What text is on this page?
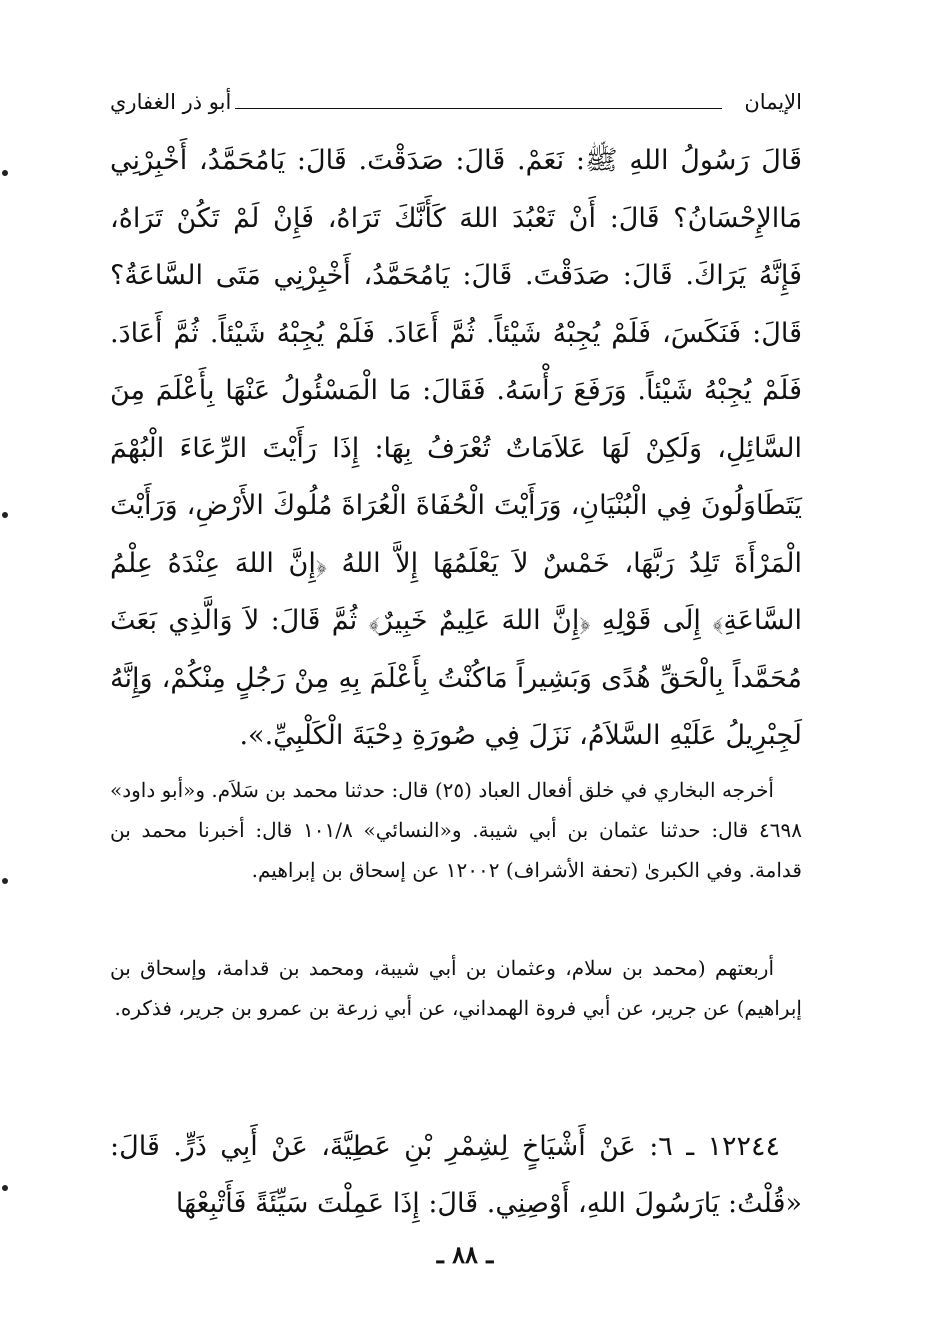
الإيمان
أبو ذر الغفاري

قَالَ رَسُولُ اللهِ ﷺ: نَعَمْ. قَالَ: صَدَقْتَ. قَالَ: يَامُحَمَّدُ، أَخْبِرْنِي مَاالإِحْسَانُ؟ قَالَ: أَنْ تَعْبُدَ اللهَ كَأَنَّكَ تَرَاهُ، فَإِنْ لَمْ تَكُنْ تَرَاهُ، فَإِنَّهُ يَرَاكَ. قَالَ: صَدَقْتَ. قَالَ: يَامُحَمَّدُ، أَخْبِرْنِي مَتَى السَّاعَةُ؟ قَالَ: فَنَكَسَ، فَلَمْ يُجِبْهُ شَيْئاً. ثُمَّ أَعَادَ. فَلَمْ يُجِبْهُ شَيْئاً. ثُمَّ أَعَادَ. فَلَمْ يُجِبْهُ شَيْئاً. وَرَفَعَ رَأْسَهُ. فَقَالَ: مَا الْمَسْئُولُ عَنْهَا بِأَعْلَمَ مِنَ السَّائِلِ، وَلَكِنْ لَهَا عَلاَمَاتٌ تُعْرَفُ بِهَا: إِذَا رَأَيْتَ الرِّعَاءَ الْبُهْمَ يَتَطَاوَلُونَ فِي الْبُنْيَانِ، وَرَأَيْتَ الْحُفَاةَ الْعُرَاةَ مُلُوكَ الأَرْضِ، وَرَأَيْتَ الْمَرْأَةَ تَلِدُ رَبَّهَا، خَمْسٌ لاَ يَعْلَمُهَا إِلاَّ اللهُ ﴿إِنَّ اللهَ عِنْدَهُ عِلْمُ السَّاعَةِ﴾ إِلَى قَوْلِهِ ﴿إِنَّ اللهَ عَلِيمٌ خَبِيرٌ﴾ ثُمَّ قَالَ: لاَ وَالَّذِي بَعَثَ مُحَمَّداً بِالْحَقِّ هُدًى وَبَشِيراً مَاكُنْتُ بِأَعْلَمَ بِهِ مِنْ رَجُلٍ مِنْكُمْ، وَإِنَّهُ لَجِبْرِيلُ عَلَيْهِ السَّلاَمُ، نَزَلَ فِي صُورَةِ دِحْيَةَ الْكَلْبِيِّ.».

أخرجه البخاري في خلق أفعال العباد (٢٥) قال: حدثنا محمد بن سَلاَم. و«أبو داود» ٤٦٩٨ قال: حدثنا عثمان بن أبي شيبة. و«النسائي» ١٠١/٨ قال: أخبرنا محمد بن قدامة. وفي الكبرىٰ (تحفة الأشراف) ١٢٠٠٢ عن إسحاق بن إبراهيم.

أربعتهم (محمد بن سلام، وعثمان بن أبي شيبة، ومحمد بن قدامة، وإسحاق بن إبراهيم) عن جرير، عن أبي فروة الهمداني، عن أبي زرعة بن عمرو بن جرير، فذكره.

١٢٢٤٤ ـ ٦: عَنْ أَشْيَاخٍ لِشِمْرِ بْنِ عَطِيَّةَ، عَنْ أَبِي ذَرٍّ. قَالَ: «قُلْتُ: يَارَسُولَ اللهِ، أَوْصِنِي. قَالَ: إِذَا عَمِلْتَ سَيِّئَةً فَأَتْبِعْهَا

ـ ٨٨ ـ
